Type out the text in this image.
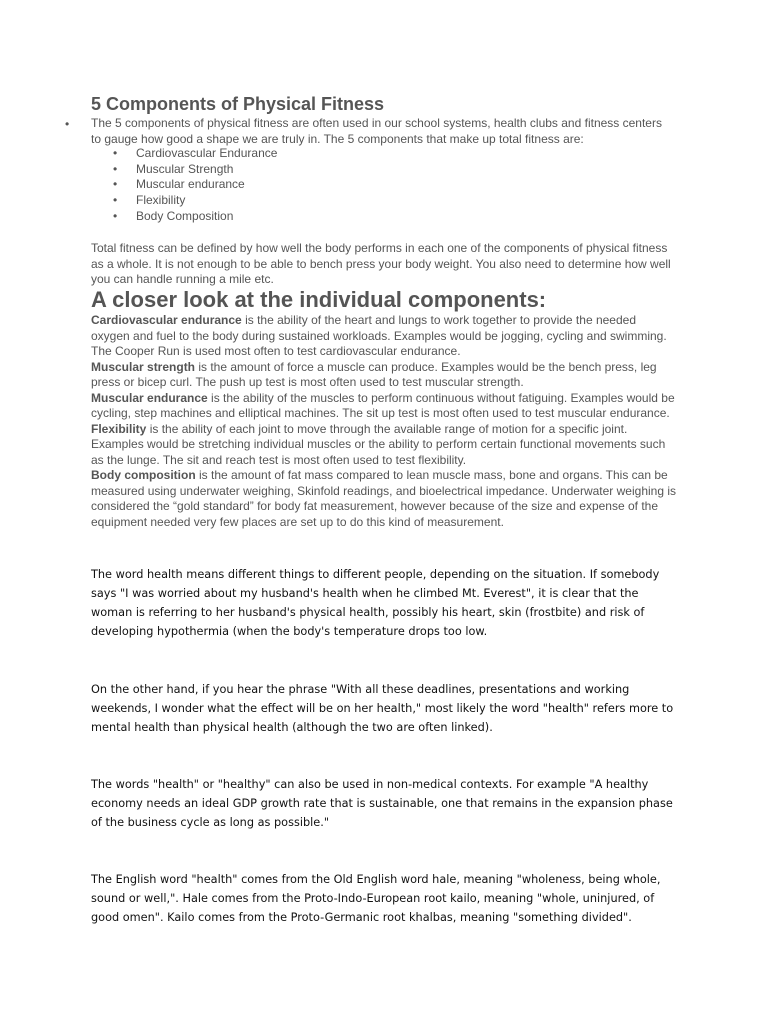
5 Components of Physical Fitness
• The 5 components of physical fitness are often used in our school systems, health clubs and fitness centers to gauge how good a shape we are truly in. The 5 components that make up total fitness are:

• Cardiovascular Endurance
• Muscular Strength
• Muscular endurance
• Flexibility
• Body Composition

Total fitness can be defined by how well the body performs in each one of the components of physical fitness as a whole. It is not enough to be able to bench press your body weight. You also need to determine how well you can handle running a mile etc.

A closer look at the individual components:

Cardiovascular endurance is the ability of the heart and lungs to work together to provide the needed oxygen and fuel to the body during sustained workloads. Examples would be jogging, cycling and swimming. The Cooper Run is used most often to test cardiovascular endurance.

Muscular strength is the amount of force a muscle can produce. Examples would be the bench press, leg press or bicep curl. The push up test is most often used to test muscular strength.

Muscular endurance is the ability of the muscles to perform continuous without fatiguing. Examples would be cycling, step machines and elliptical machines. The sit up test is most often used to test muscular endurance.

Flexibility is the ability of each joint to move through the available range of motion for a specific joint. Examples would be stretching individual muscles or the ability to perform certain functional movements such as the lunge. The sit and reach test is most often used to test flexibility.

Body composition is the amount of fat mass compared to lean muscle mass, bone and organs. This can be measured using underwater weighing, Skinfold readings, and bioelectrical impedance. Underwater weighing is considered the “gold standard” for body fat measurement, however because of the size and expense of the equipment needed very few places are set up to do this kind of measurement.

The word health means different things to different people, depending on the situation. If somebody says "I was worried about my husband's health when he climbed Mt. Everest", it is clear that the woman is referring to her husband's physical health, possibly his heart, skin (frostbite) and risk of developing hypothermia (when the body's temperature drops too low.

On the other hand, if you hear the phrase "With all these deadlines, presentations and working weekends, I wonder what the effect will be on her health," most likely the word "health" refers more to mental health than physical health (although the two are often linked).

The words "health" or "healthy" can also be used in non-medical contexts. For example "A healthy economy needs an ideal GDP growth rate that is sustainable, one that remains in the expansion phase of the business cycle as long as possible."

The English word "health" comes from the Old English word hale, meaning "wholeness, being whole, sound or well,". Hale comes from the Proto-Indo-European root kailo, meaning "whole, uninjured, of good omen". Kailo comes from the Proto-Germanic root khalbas, meaning "something divided".
